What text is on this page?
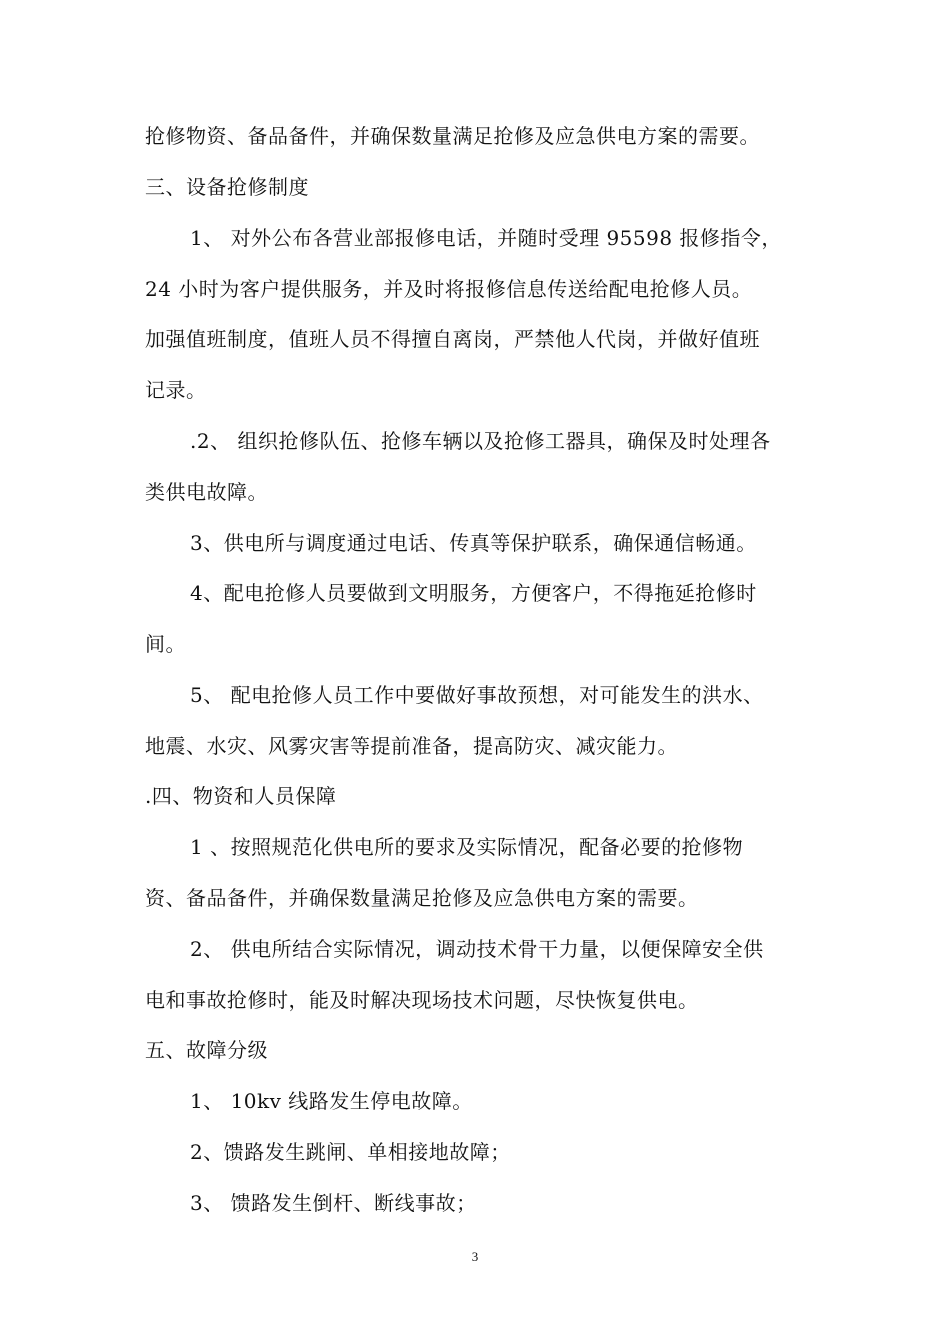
抢修物资、备品备件，并确保数量满足抢修及应急供电方案的需要。
三、设备抢修制度
1、 对外公布各营业部报修电话，并随时受理 95598 报修指令，
24 小时为客户提供服务，并及时将报修信息传送给配电抢修人员。
加强值班制度，值班人员不得擅自离岗，严禁他人代岗，并做好值班
记录。
.2、 组织抢修队伍、抢修车辆以及抢修工器具，确保及时处理各
类供电故障。
3、供电所与调度通过电话、传真等保护联系，确保通信畅通。
4、配电抢修人员要做到文明服务，方便客户，不得拖延抢修时
间。
5、 配电抢修人员工作中要做好事故预想，对可能发生的洪水、
地震、水灾、风雾灾害等提前准备，提高防灾、减灾能力。
.四、物资和人员保障
1 、按照规范化供电所的要求及实际情况，配备必要的抢修物
资、备品备件，并确保数量满足抢修及应急供电方案的需要。
2、 供电所结合实际情况，调动技术骨干力量，以便保障安全供
电和事故抢修时，能及时解决现场技术问题，尽快恢复供电。
五、故障分级
1、 10kv 线路发生停电故障。
2、馈路发生跳闸、单相接地故障；
3、 馈路发生倒杆、断线事故；
3
